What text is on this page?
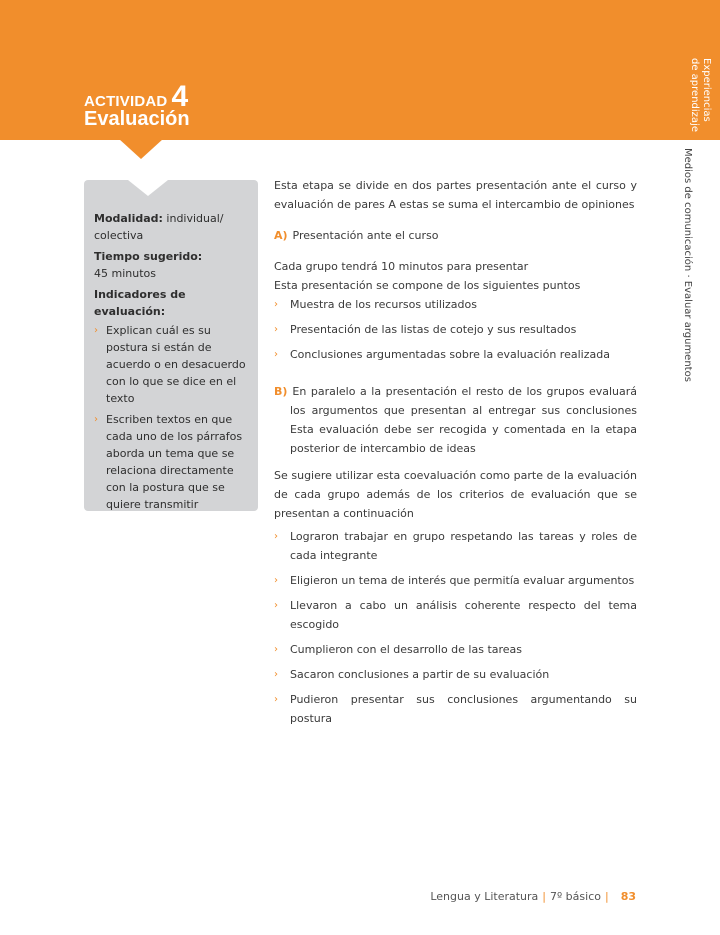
ACTIVIDAD 4
Evaluación	Experiencias
de aprendizaje
Medios de comunicación · Evaluar argumentos
Modalidad: individual/ colectiva
Tiempo sugerido:
45 minutos
Indicadores de evaluación:
› Explican cuál es su postura si están de acuerdo o en desacuerdo con lo que se dice en el texto
› Escriben textos en que cada uno de los párrafos aborda un tema que se relaciona directamente con la postura que se quiere transmitir

Esta etapa se divide en dos partes presentación ante el curso y evaluación de pares A estas se suma el intercambio de opiniones

A) Presentación ante el curso

Cada grupo tendrá 10 minutos para presentar

Esta presentación se compone de los siguientes puntos

› Muestra de los recursos utilizados
› Presentación de las listas de cotejo y sus resultados
› Conclusiones argumentadas sobre la evaluación realizada

B) En paralelo a la presentación el resto de los grupos evaluará los argumentos que presentan al entregar sus conclusiones Esta evaluación debe ser recogida y comentada en la etapa posterior de intercambio de ideas

Se sugiere utilizar esta coevaluación como parte de la evaluación de cada grupo además de los criterios de evaluación que se presentan a continuación

› Lograron trabajar en grupo respetando las tareas y roles de cada integrante
› Eligieron un tema de interés que permitía evaluar argumentos
› Llevaron a cabo un análisis coherente respecto del tema escogido
› Cumplieron con el desarrollo de las tareas
› Sacaron conclusiones a partir de su evaluación
› Pudieron presentar sus conclusiones argumentando su postura
Lengua y Literatura | 7º básico | 83
